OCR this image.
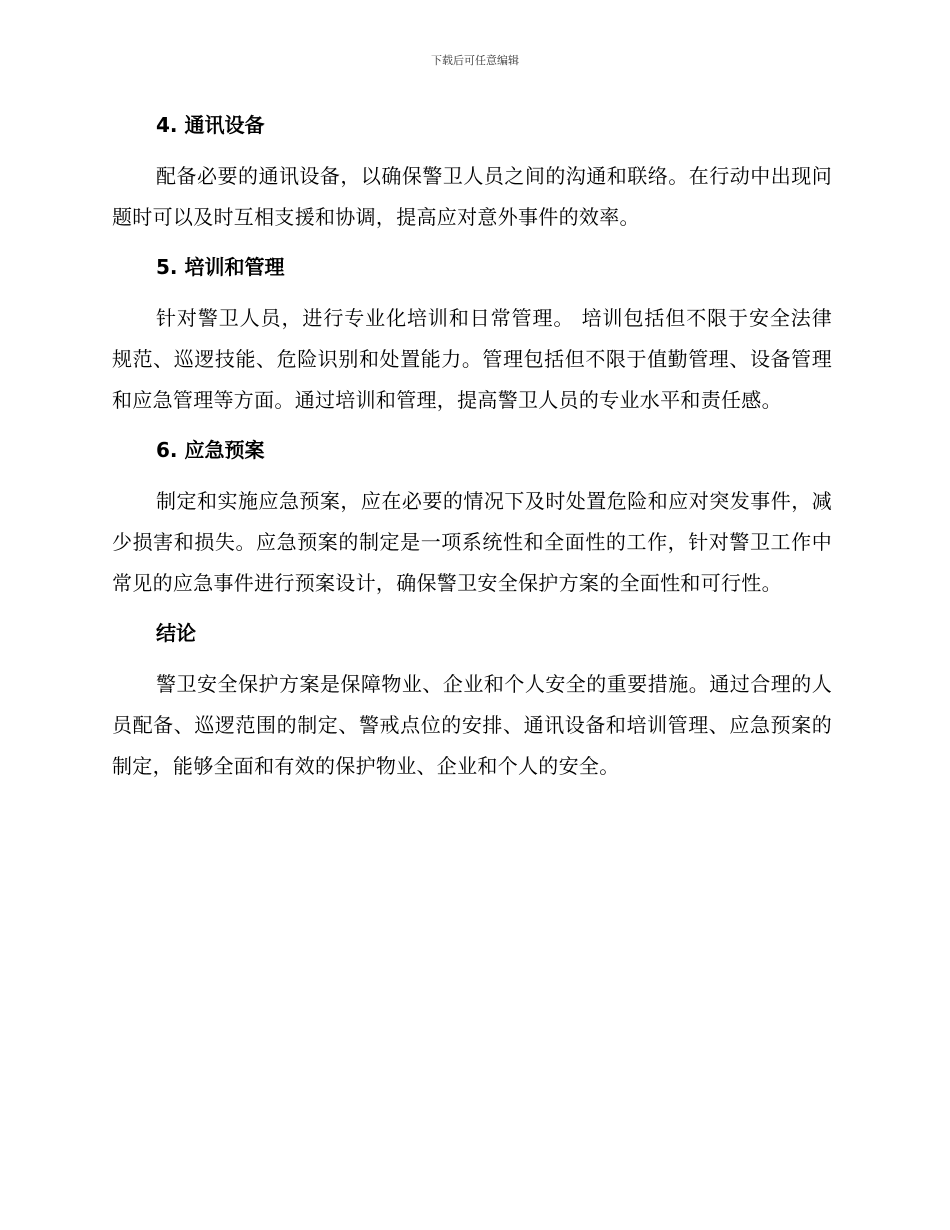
下载后可任意编辑
4. 通讯设备

配备必要的通讯设备，以确保警卫人员之间的沟通和联络。在行动中出现问题时可以及时互相支援和协调，提高应对意外事件的效率。

5. 培训和管理

针对警卫人员，进行专业化培训和日常管理。 培训包括但不限于安全法律规范、巡逻技能、危险识别和处置能力。管理包括但不限于值勤管理、设备管理和应急管理等方面。通过培训和管理，提高警卫人员的专业水平和责任感。

6. 应急预案

制定和实施应急预案，应在必要的情况下及时处置危险和应对突发事件，减少损害和损失。应急预案的制定是一项系统性和全面性的工作，针对警卫工作中常见的应急事件进行预案设计，确保警卫安全保护方案的全面性和可行性。

结论

警卫安全保护方案是保障物业、企业和个人安全的重要措施。通过合理的人员配备、巡逻范围的制定、警戒点位的安排、通讯设备和培训管理、应急预案的制定，能够全面和有效的保护物业、企业和个人的安全。
